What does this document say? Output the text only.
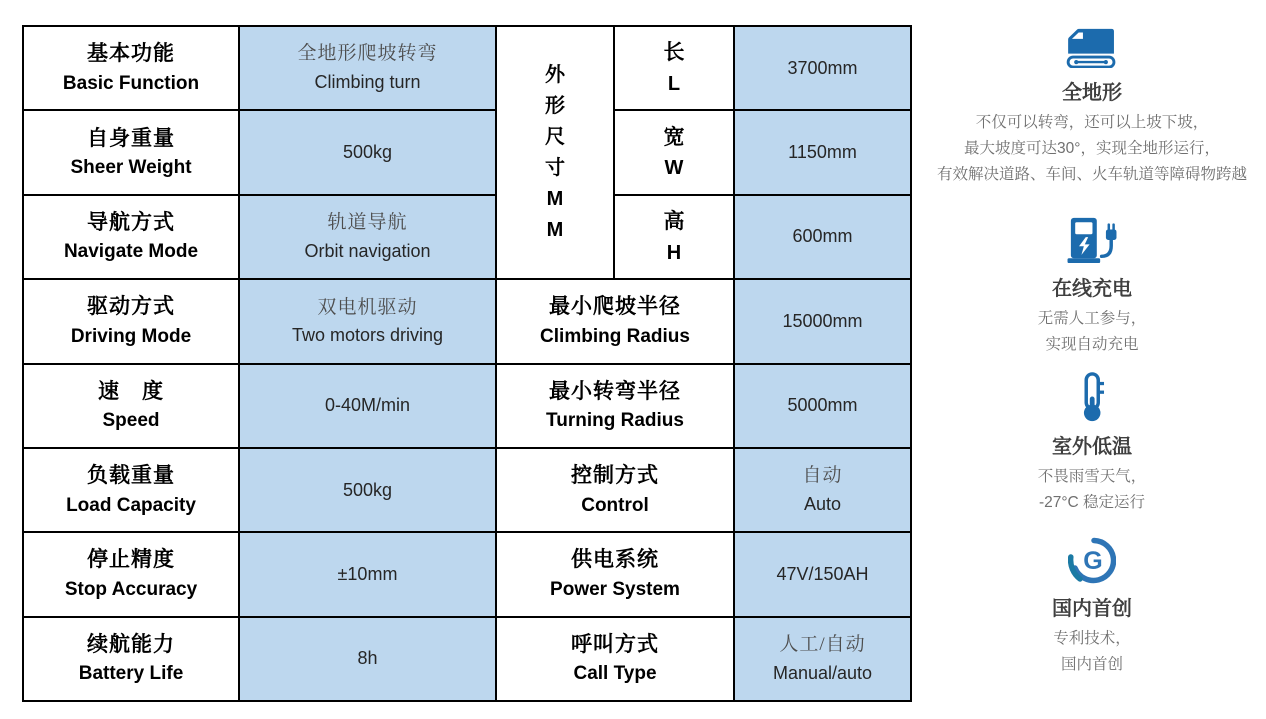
基本功能
Basic Function
自身重量
Sheer Weight
导航方式
Navigate Mode
驱动方式
Driving Mode
速　度
Speed
负载重量
Load Capacity
停止精度
Stop Accuracy
续航能力
Battery Life
全地形爬坡转弯
Climbing turn
500kg
轨道导航
Orbit navigation
双电机驱动
Two motors driving
0-40M/min
500kg
±10mm
8h
外
形
尺
寸
M
M
长
L
3700mm
宽
W
1150mm
高
H
600mm
最小爬坡半径
Climbing Radius
15000mm
最小转弯半径
Turning Radius
5000mm
控制方式
Control
自动
Auto
供电系统
Power System
47V/150AH
呼叫方式
Call Type
人工/自动
Manual/auto
全地形
不仅可以转弯，还可以上坡下坡，
最大坡度可达30°，实现全地形运行，
有效解决道路、车间、火车轨道等障碍物跨越
在线充电
无需人工参与，
实现自动充电
室外低温
不畏雨雪天气，
-27°C 稳定运行
G
国内首创
专利技术，
国内首创
